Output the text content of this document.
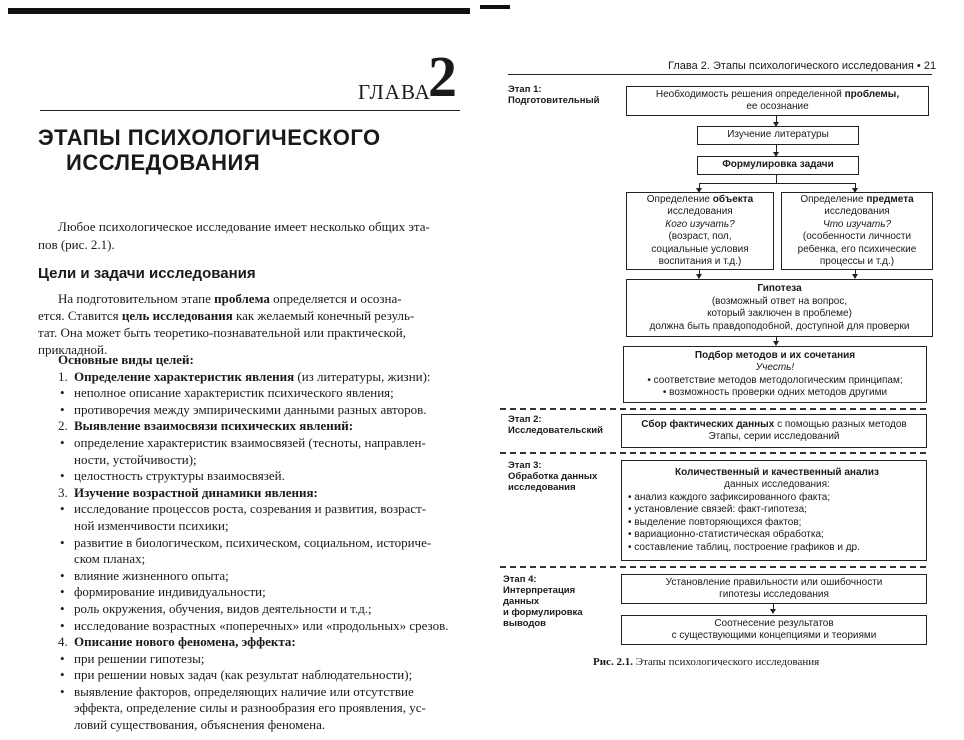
ГЛАВА
2
ЭТАПЫ ПСИХОЛОГИЧЕСКОГО
ИССЛЕДОВАНИЯ
Любое психологическое исследование имеет несколько общих эта-
пов (рис. 2.1).
Цели и задачи исследования
На подготовительном этапе проблема определяется и осозна-
ется. Ставится цель исследования как желаемый конечный резуль-
тат. Она может быть теоретико-познавательной или практической,
прикладной.
Основные виды целей:
1. Определение характеристик явления (из литературы, жизни):
• неполное описание характеристик психического явления;
• противоречия между эмпирическими данными разных авторов.
2. Выявление взаимосвязи психических явлений:
• определение характеристик взаимосвязей (тесноты, направлен-
ности, устойчивости);
• целостность структуры взаимосвязей.
3. Изучение возрастной динамики явления:
• исследование процессов роста, созревания и развития, возраст-
ной изменчивости психики;
• развитие в биологическом, психическом, социальном, историче-
ском планах;
• влияние жизненного опыта;
• формирование индивидуальности;
• роль окружения, обучения, видов деятельности и т.д.;
• исследование возрастных «поперечных» или «продольных» срезов.
4. Описание нового феномена, эффекта:
• при решении гипотезы;
• при решении новых задач (как результат наблюдательности);
• выявление факторов, определяющих наличие или отсутствие
эффекта, определение силы и разнообразия его проявления, ус-
ловий существования, объяснения феномена.
Глава 2. Этапы психологического исследования • 21
Этап 1:
Подготовительный
Этап 2:
Исследовательский
Этап 3:
Обработка данных
исследования
Этап 4:
Интерпретация
данных
и формулировка
выводов
Необходимость решения определенной проблемы,
ее осознание
Изучение литературы
Формулировка задачи
Определение объекта
исследования
Кого изучать?
(возраст, пол,
социальные условия
воспитания и т.д.)
Определение предмета
исследования
Что изучать?
(особенности личности
ребенка, его психические
процессы и т.д.)
Гипотеза
(возможный ответ на вопрос,
который заключен в проблеме)
должна быть правдоподобной, доступной для проверки
Подбор методов и их сочетания
Учесть!
• соответствие методов методологическим принципам;
• возможность проверки одних методов другими
Сбор фактических данных с помощью разных методов
Этапы, серии исследований
Количественный и качественный анализ
данных исследования:
• анализ каждого зафиксированного факта;
• установление связей: факт-гипотеза;
• выделение повторяющихся фактов;
• вариационно-статистическая обработка;
• составление таблиц, построение графиков и др.
Установление правильности или ошибочности
гипотезы исследования
Соотнесение результатов
с существующими концепциями и теориями
Рис. 2.1. Этапы психологического исследования
